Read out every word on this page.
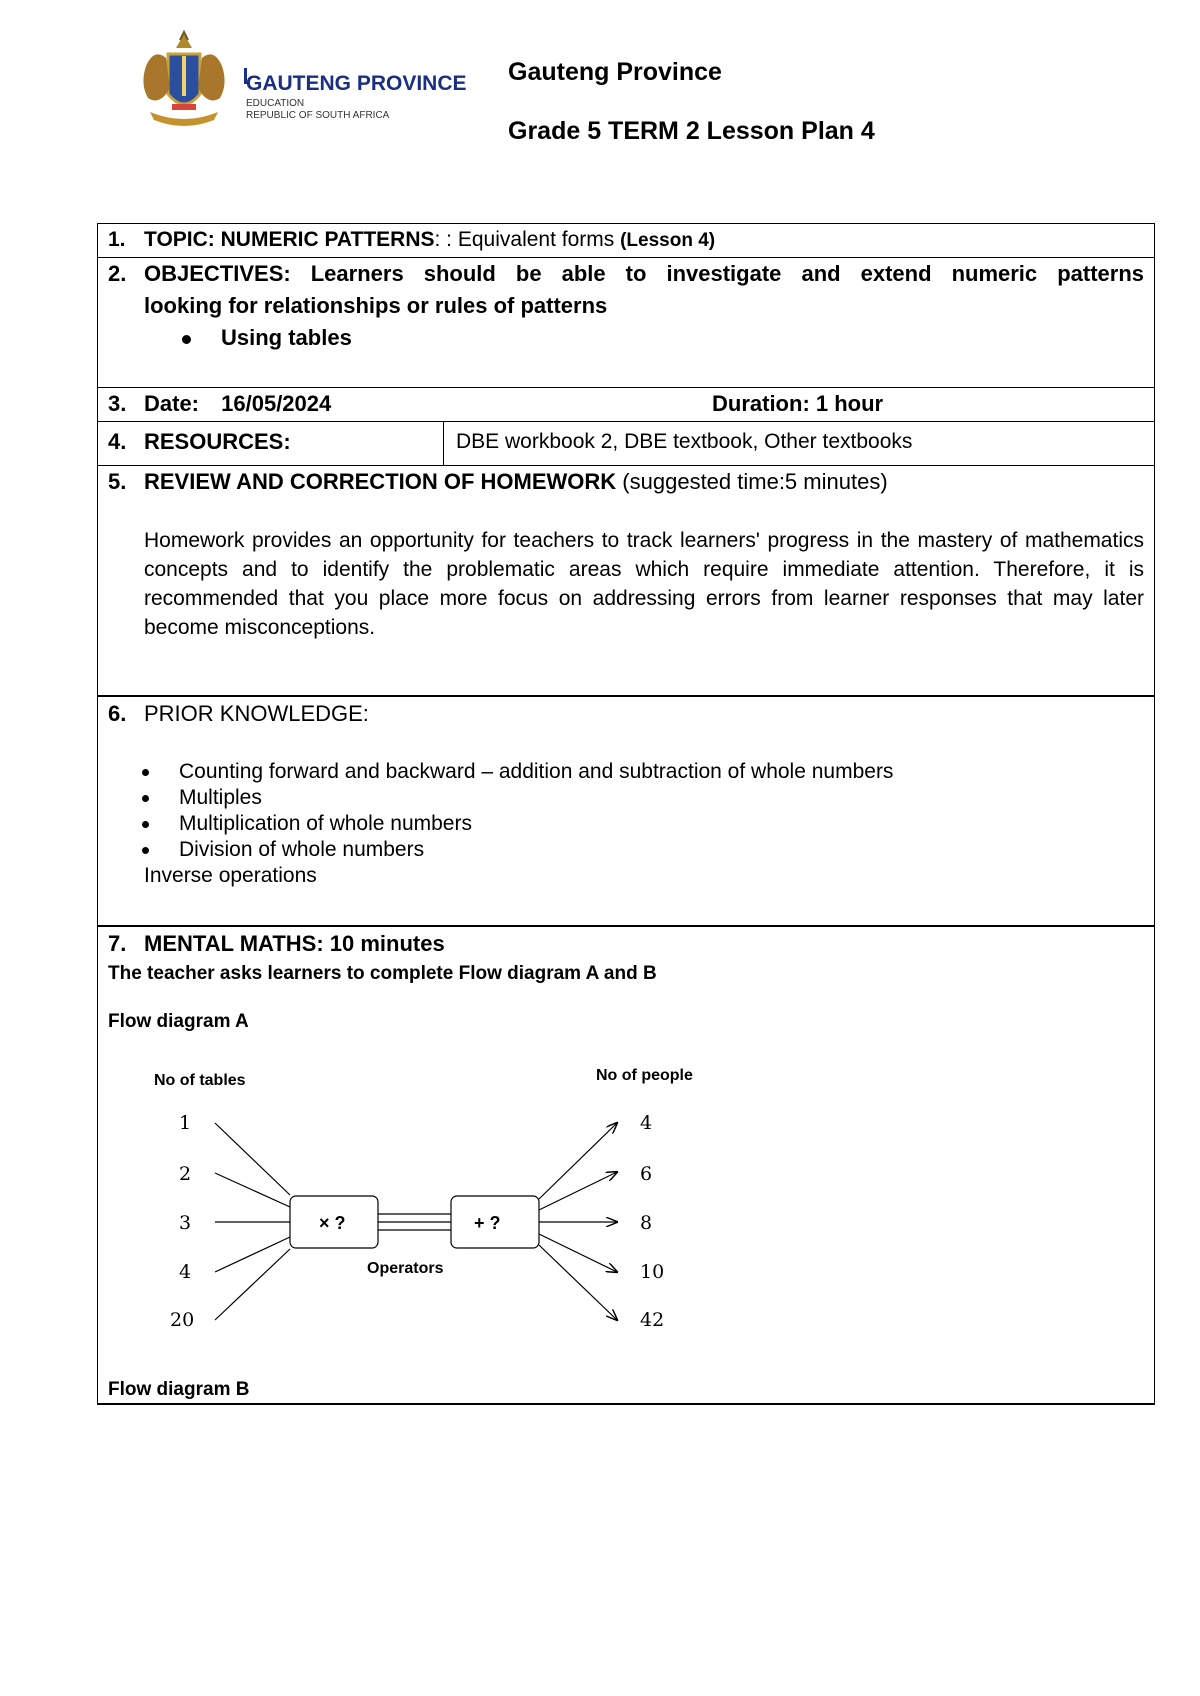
GAUTENG PROVINCE
EDUCATION
REPUBLIC OF SOUTH AFRICA
Gauteng Province
Grade 5 TERM 2 Lesson Plan 4
1. TOPIC: NUMERIC PATTERNS: : Equivalent forms (Lesson 4)
2. OBJECTIVES: Learners should be able to investigate and extend numeric patterns
looking for relationships or rules of patterns
Using tables
3. Date: 16/05/2024	Duration: 1 hour
4. RESOURCES:	DBE workbook 2, DBE textbook, Other textbooks
5. REVIEW AND CORRECTION OF HOMEWORK (suggested time:5 minutes)
Homework provides an opportunity for teachers to track learners' progress in the mastery of mathematics concepts and to identify the problematic areas which require immediate attention. Therefore, it is recommended that you place more focus on addressing errors from learner responses that may later become misconceptions.
6. PRIOR KNOWLEDGE:
Counting forward and backward – addition and subtraction of whole numbers
Multiples
Multiplication of whole numbers
Division of whole numbers
Inverse operations
7. MENTAL MATHS: 10 minutes
The teacher asks learners to complete Flow diagram A and B
Flow diagram A
Flow diagram B
No of tables	No of people
1
2
3
4
20
4
6
8
10
42
× ?	+ ?
Operators
